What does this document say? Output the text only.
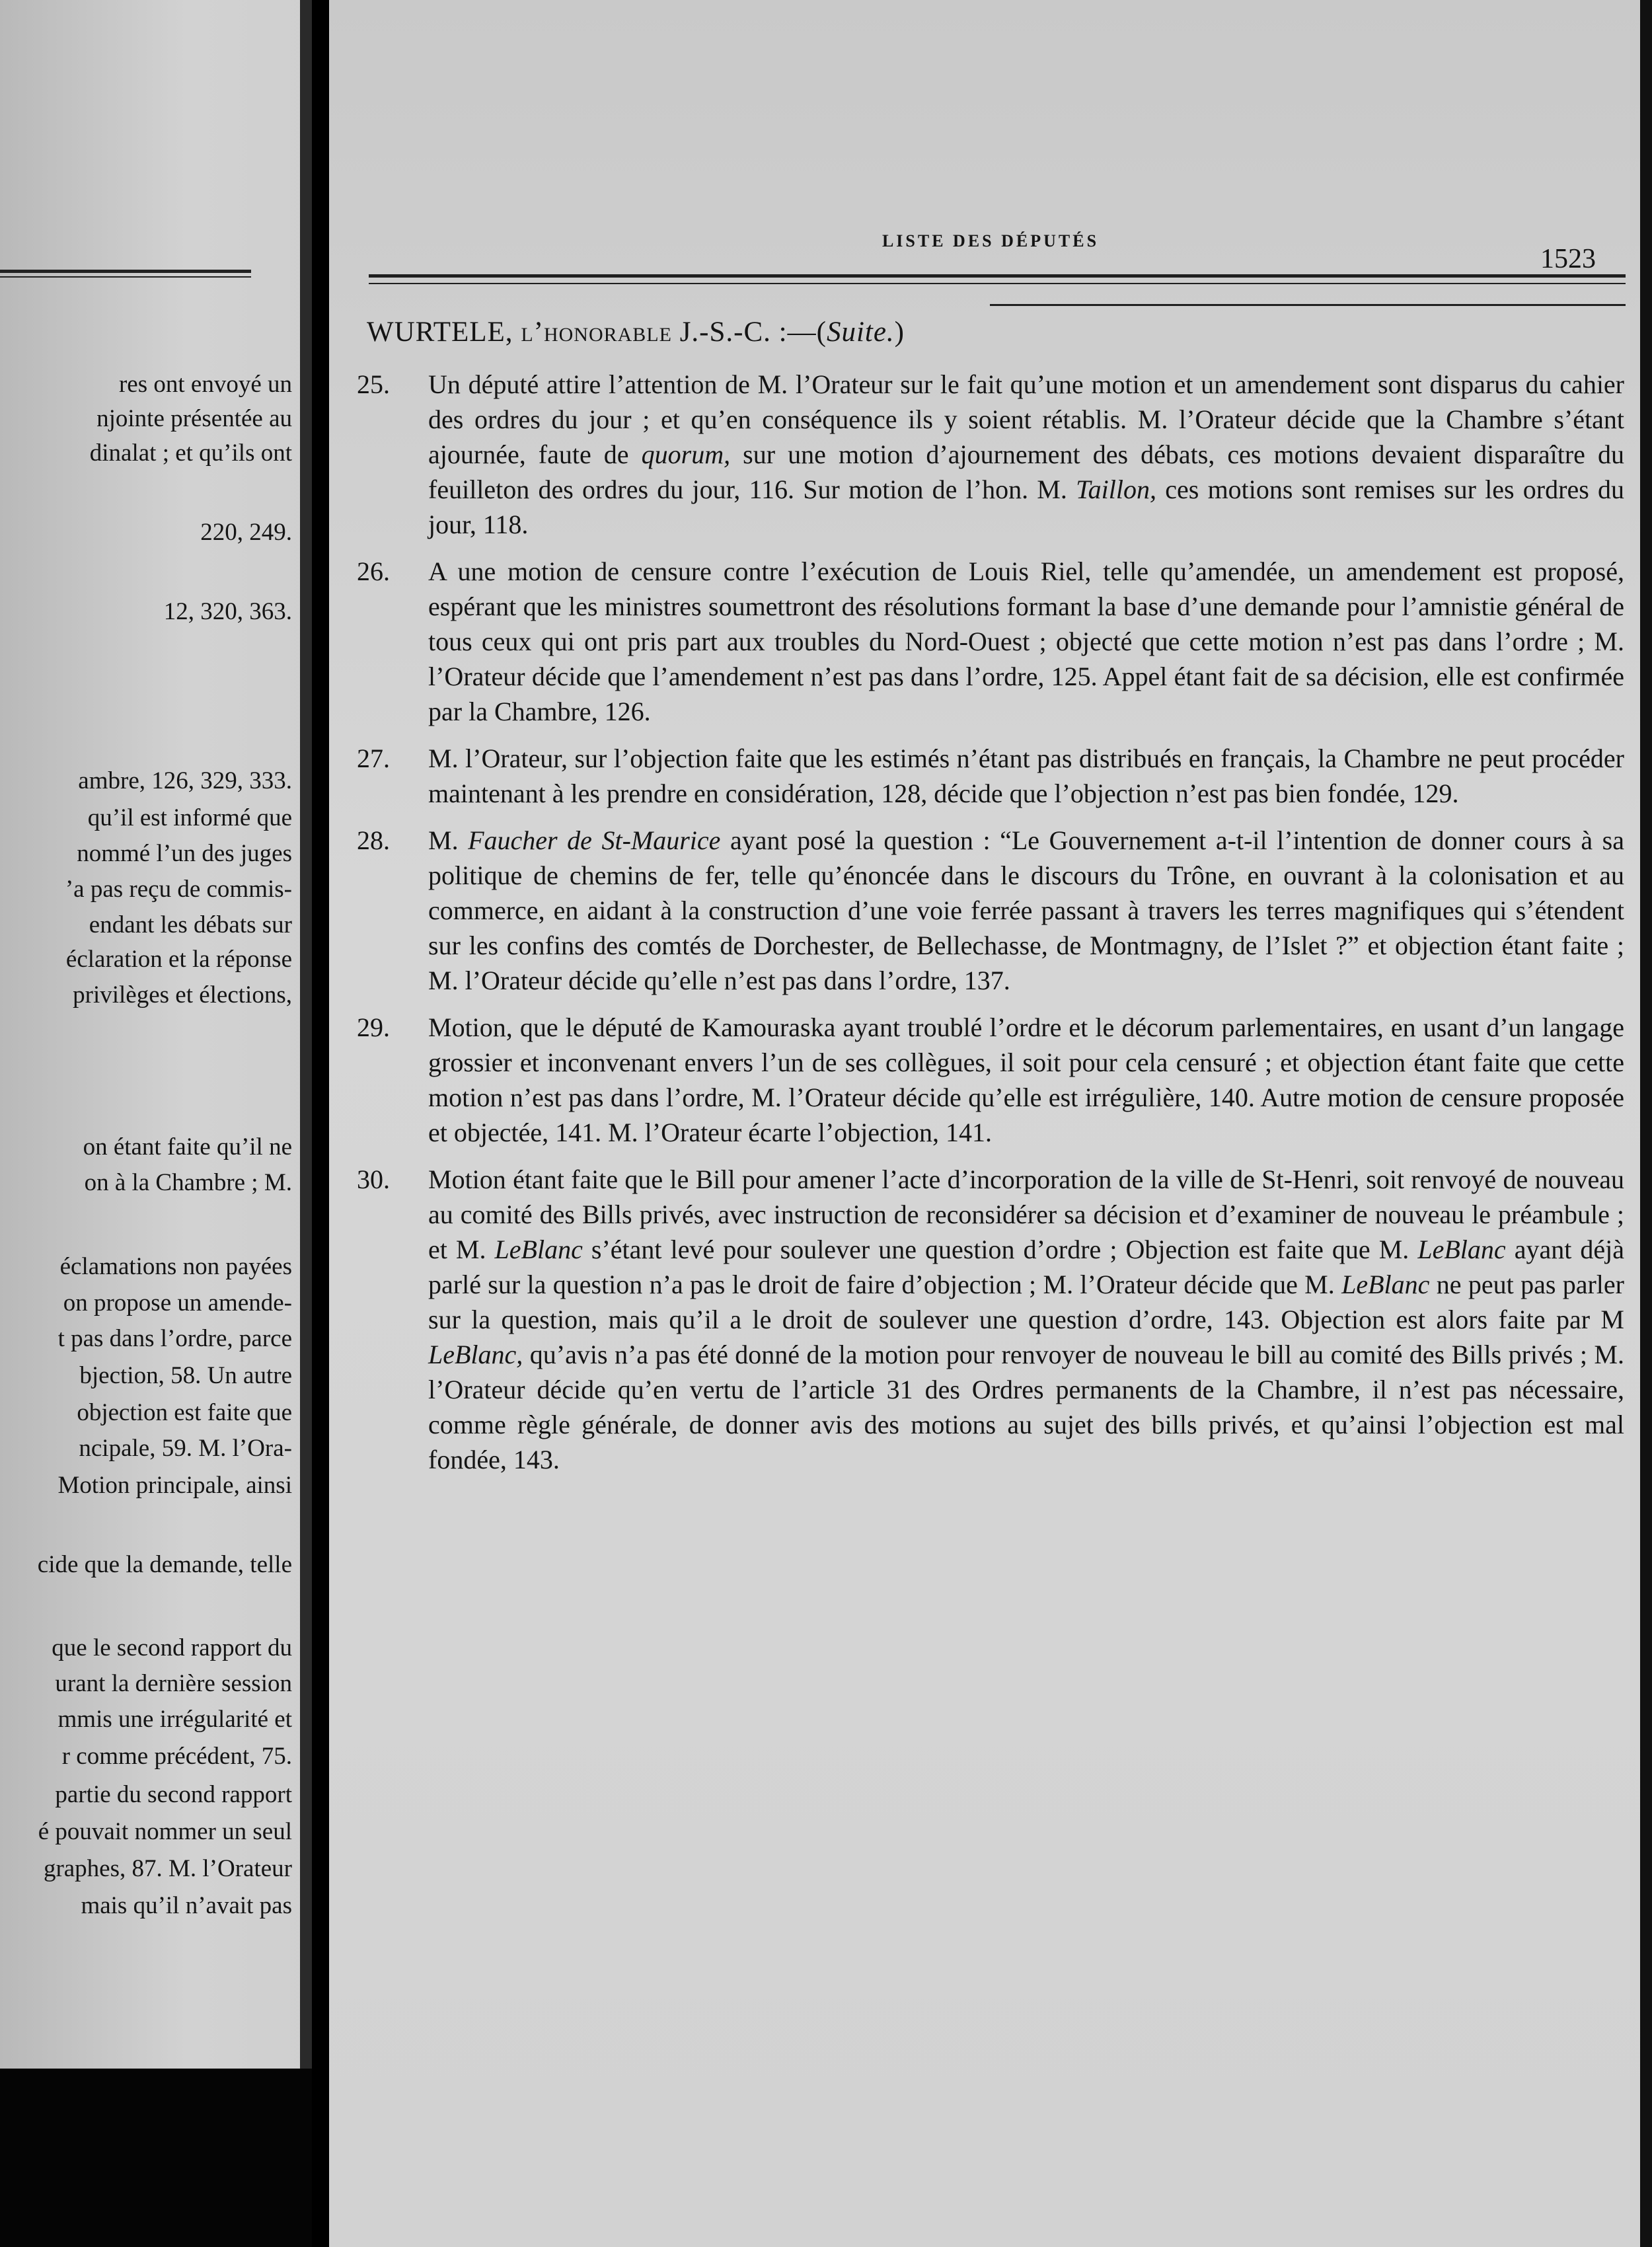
res ont envoyé un
njointe présentée au
dinalat ; et qu’ils ont
220, 249.
12, 320, 363.
ambre, 126, 329, 333.
qu’il est informé que
nommé l’un des juges
’a pas reçu de commis-
endant les débats sur
éclaration et la réponse
privilèges et élections,
on étant faite qu’il ne
on à la Chambre ; M.
éclamations non payées
on propose un amende-
t pas dans l’ordre, parce
bjection, 58. Un autre
objection est faite que
ncipale, 59. M. l’Ora-
Motion principale, ainsi
cide que la demande, telle
que le second rapport du
urant la dernière session
mmis une irrégularité et
r comme précédent, 75.
partie du second rapport
é pouvait nommer un seul
graphes, 87. M. l’Orateur
mais qu’il n’avait pas
LISTE DES DÉPUTÉS
1523
WURTELE, l’honorable J.-S.-C. :—(Suite.)
25.	Un député attire l’attention de M. l’Orateur sur le fait qu’une motion et un amendement sont disparus du cahier des ordres du jour ; et qu’en conséquence ils y soient rétablis. M. l’Orateur décide que la Chambre s’étant ajournée, faute de quorum, sur une motion d’ajournement des débats, ces motions devaient disparaître du feuilleton des ordres du jour, 116. Sur motion de l’hon. M. Taillon, ces motions sont remises sur les ordres du jour, 118.
26.	A une motion de censure contre l’exécution de Louis Riel, telle qu’amendée, un amendement est proposé, espérant que les ministres soumettront des résolutions formant la base d’une demande pour l’amnistie général de tous ceux qui ont pris part aux troubles du Nord-Ouest ; objecté que cette motion n’est pas dans l’ordre ; M. l’Orateur décide que l’amendement n’est pas dans l’ordre, 125. Appel étant fait de sa décision, elle est confirmée par la Chambre, 126.
27.	M. l’Orateur, sur l’objection faite que les estimés n’étant pas distribués en français, la Chambre ne peut procéder maintenant à les prendre en considération, 128, décide que l’objection n’est pas bien fondée, 129.
28.	M. Faucher de St-Maurice ayant posé la question : “Le Gouvernement a-t-il l’intention de donner cours à sa politique de chemins de fer, telle qu’énoncée dans le discours du Trône, en ouvrant à la colonisation et au commerce, en aidant à la construction d’une voie ferrée passant à travers les terres magnifiques qui s’étendent sur les confins des comtés de Dorchester, de Bellechasse, de Montmagny, de l’Islet ?” et objection étant faite ; M. l’Orateur décide qu’elle n’est pas dans l’ordre, 137.
29.	Motion, que le député de Kamouraska ayant troublé l’ordre et le décorum parlementaires, en usant d’un langage grossier et inconvenant envers l’un de ses collègues, il soit pour cela censuré ; et objection étant faite que cette motion n’est pas dans l’ordre, M. l’Orateur décide qu’elle est irrégulière, 140. Autre motion de censure proposée et objectée, 141. M. l’Orateur écarte l’objection, 141.
30.	Motion étant faite que le Bill pour amener l’acte d’incorporation de la ville de St-Henri, soit renvoyé de nouveau au comité des Bills privés, avec instruction de reconsidérer sa décision et d’examiner de nouveau le préambule ; et M. LeBlanc s’étant levé pour soulever une question d’ordre ; Objection est faite que M. LeBlanc ayant déjà parlé sur la question n’a pas le droit de faire d’objection ; M. l’Orateur décide que M. LeBlanc ne peut pas parler sur la question, mais qu’il a le droit de soulever une question d’ordre, 143. Objection est alors faite par M LeBlanc, qu’avis n’a pas été donné de la motion pour renvoyer de nouveau le bill au comité des Bills privés ; M. l’Orateur décide qu’en vertu de l’article 31 des Ordres permanents de la Chambre, il n’est pas nécessaire, comme règle générale, de donner avis des motions au sujet des bills privés, et qu’ainsi l’objection est mal fondée, 143.
